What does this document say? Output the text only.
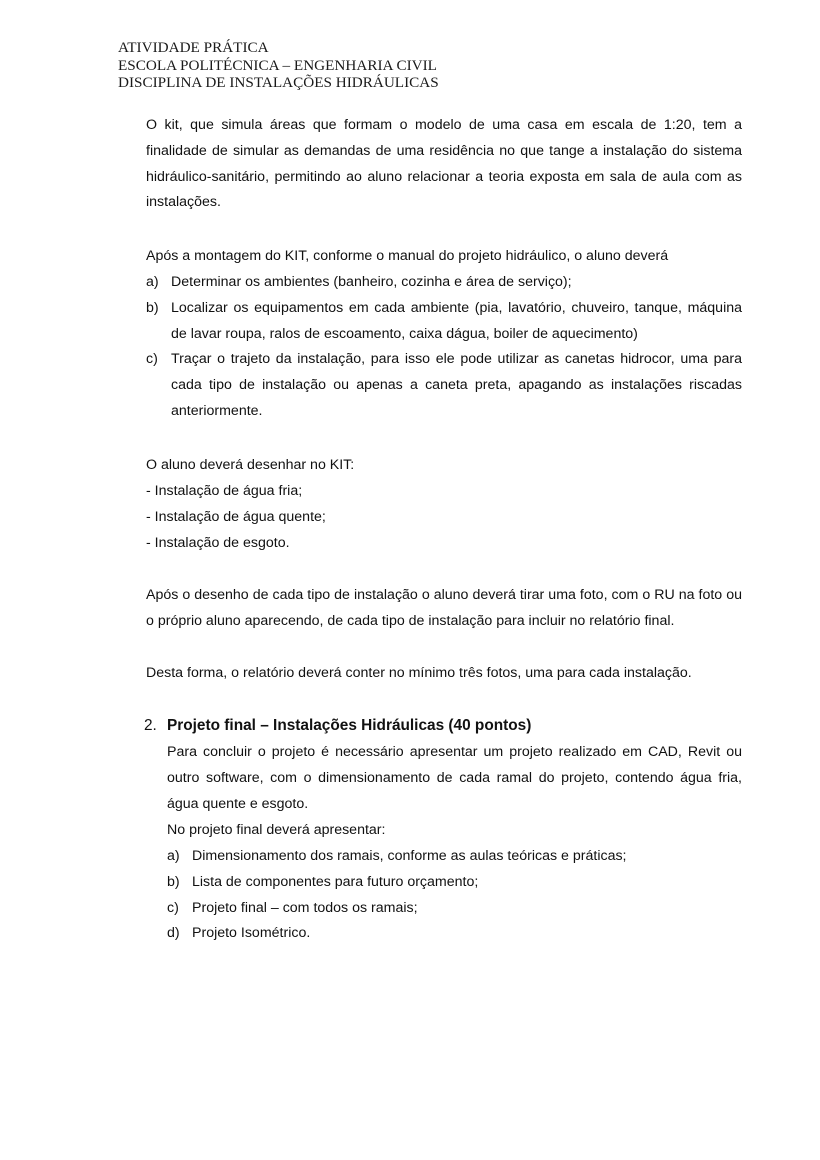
ATIVIDADE PRÁTICA
ESCOLA POLITÉCNICA – ENGENHARIA CIVIL
DISCIPLINA DE INSTALAÇÕES HIDRÁULICAS

O kit, que simula áreas que formam o modelo de uma casa em escala de 1:20, tem a finalidade de simular as demandas de uma residência no que tange a instalação do sistema hidráulico-sanitário, permitindo ao aluno relacionar a teoria exposta em sala de aula com as instalações.

Após a montagem do KIT, conforme o manual do projeto hidráulico, o aluno deverá
a) Determinar os ambientes (banheiro, cozinha e área de serviço);
b) Localizar os equipamentos em cada ambiente (pia, lavatório, chuveiro, tanque, máquina de lavar roupa, ralos de escoamento, caixa dágua, boiler de aquecimento)
c) Traçar o trajeto da instalação, para isso ele pode utilizar as canetas hidrocor, uma para cada tipo de instalação ou apenas a caneta preta, apagando as instalações riscadas anteriormente.
O aluno deverá desenhar no KIT:
- Instalação de água fria;
- Instalação de água quente;
- Instalação de esgoto.

Após o desenho de cada tipo de instalação o aluno deverá tirar uma foto, com o RU na foto ou o próprio aluno aparecendo, de cada tipo de instalação para incluir no relatório final.

Desta forma, o relatório deverá conter no mínimo três fotos, uma para cada instalação.
2. Projeto final – Instalações Hidráulicas (40 pontos)

Para concluir o projeto é necessário apresentar um projeto realizado em CAD, Revit ou outro software, com o dimensionamento de cada ramal do projeto, contendo água fria, água quente e esgoto.

No projeto final deverá apresentar:
a) Dimensionamento dos ramais, conforme as aulas teóricas e práticas;
b) Lista de componentes para futuro orçamento;
c) Projeto final – com todos os ramais;
d) Projeto Isométrico.
